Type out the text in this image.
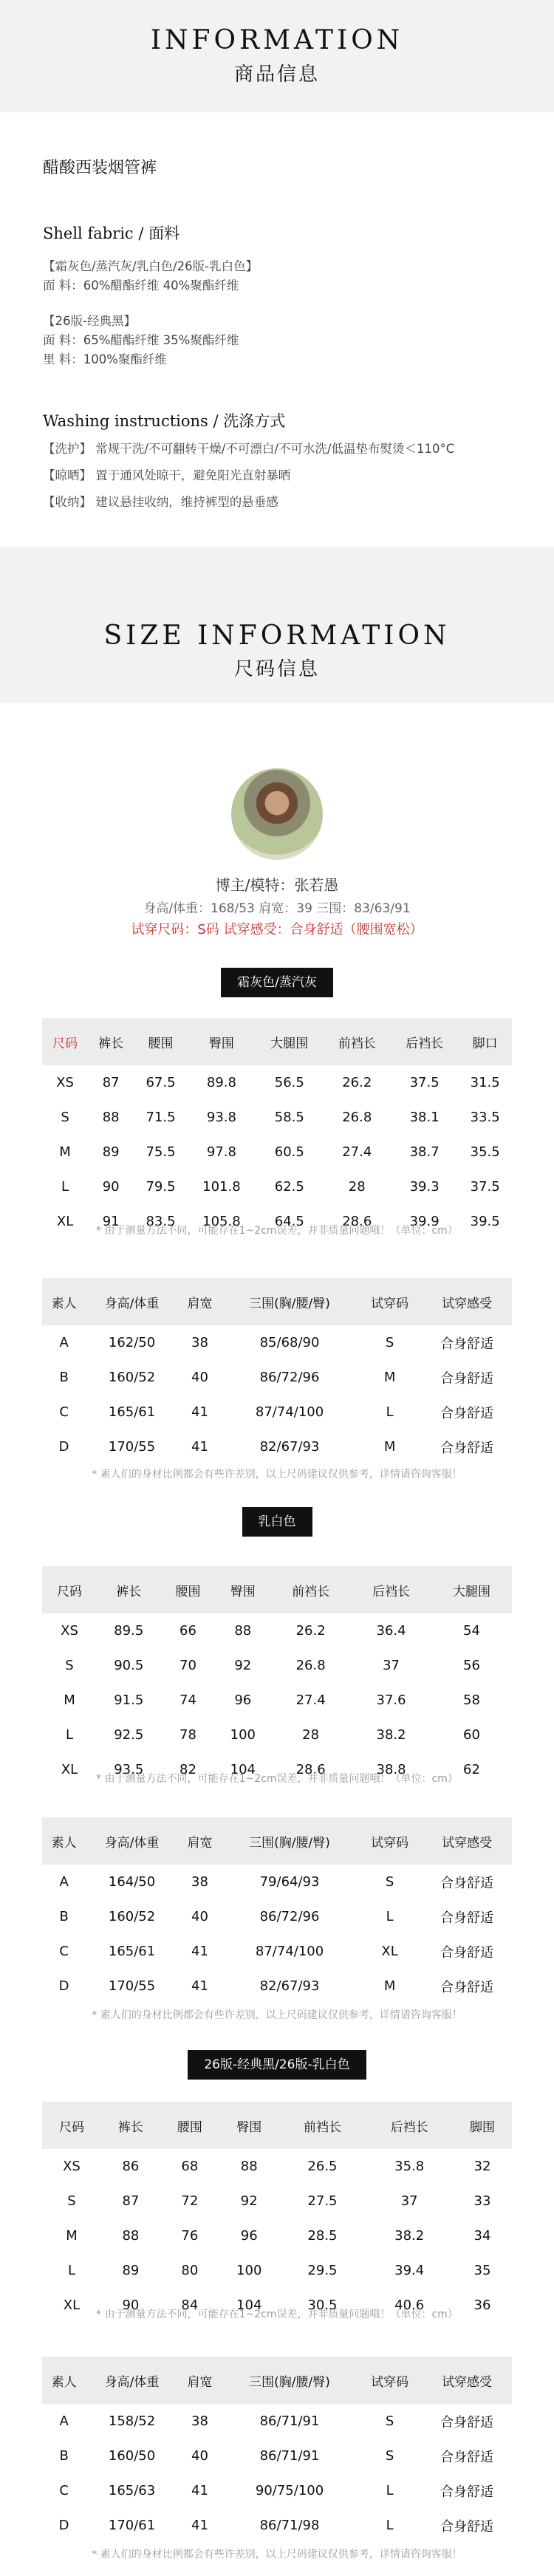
INFORMATION
商品信息
醋酸西装烟管裤
Shell fabric / 面料
【霜灰色/蒸汽灰/乳白色/26版-乳白色】
面 料：60%醋酯纤维 40%聚酯纤维
【26版-经典黑】
面 料：65%醋酯纤维 35%聚酯纤维
里 料：100%聚酯纤维
Washing instructions / 洗涤方式
【洗护】 常规干洗/不可翻转干燥/不可漂白/不可水洗/低温垫布熨烫＜110°C
【晾晒】 置于通风处晾干，避免阳光直射暴晒
【收纳】 建议悬挂收纳，维持裤型的悬垂感
SIZE INFORMATION
尺码信息
博主/模特：张若愚
身高/体重：168/53 肩宽：39 三围：83/63/91
试穿尺码：S码 试穿感受：合身舒适（腰围宽松）
霜灰色/蒸汽灰
尺码	裤长	腰围	臀围	大腿围	前裆长	后裆长	脚口
XS	87	67.5	89.8	56.5	26.2	37.5	31.5
S	88	71.5	93.8	58.5	26.8	38.1	33.5
M	89	75.5	97.8	60.5	27.4	38.7	35.5
L	90	79.5	101.8	62.5	28	39.3	37.5
XL	91	83.5	105.8	64.5	28.6	39.9	39.5
* 由于测量方法不同，可能存在1~2cm误差，并非质量问题哦！（单位：cm）
素人	身高/体重	肩宽	三围(胸/腰/臀)	试穿码	试穿感受
A	162/50	38	85/68/90	S	合身舒适
B	160/52	40	86/72/96	M	合身舒适
C	165/61	41	87/74/100	L	合身舒适
D	170/55	41	82/67/93	M	合身舒适
* 素人们的身材比例都会有些许差别，以上尺码建议仅供参考，详情请咨询客服！
乳白色
尺码	裤长	腰围	臀围	前裆长	后裆长	大腿围
XS	89.5	66	88	26.2	36.4	54
S	90.5	70	92	26.8	37	56
M	91.5	74	96	27.4	37.6	58
L	92.5	78	100	28	38.2	60
XL	93.5	82	104	28.6	38.8	62
* 由于测量方法不同，可能存在1~2cm误差，并非质量问题哦！（单位：cm）
素人	身高/体重	肩宽	三围(胸/腰/臀)	试穿码	试穿感受
A	164/50	38	79/64/93	S	合身舒适
B	160/52	40	86/72/96	L	合身舒适
C	165/61	41	87/74/100	XL	合身舒适
D	170/55	41	82/67/93	M	合身舒适
* 素人们的身材比例都会有些许差别，以上尺码建议仅供参考，详情请咨询客服！
26版-经典黑/26版-乳白色
尺码	裤长	腰围	臀围	前裆长	后裆长	脚围
XS	86	68	88	26.5	35.8	32
S	87	72	92	27.5	37	33
M	88	76	96	28.5	38.2	34
L	89	80	100	29.5	39.4	35
XL	90	84	104	30.5	40.6	36
* 由于测量方法不同，可能存在1~2cm误差，并非质量问题哦！（单位：cm）
素人	身高/体重	肩宽	三围(胸/腰/臀)	试穿码	试穿感受
A	158/52	38	86/71/91	S	合身舒适
B	160/50	40	86/71/91	S	合身舒适
C	165/63	41	90/75/100	L	合身舒适
D	170/61	41	86/71/98	L	合身舒适
* 素人们的身材比例都会有些许差别，以上尺码建议仅供参考，详情请咨询客服！
